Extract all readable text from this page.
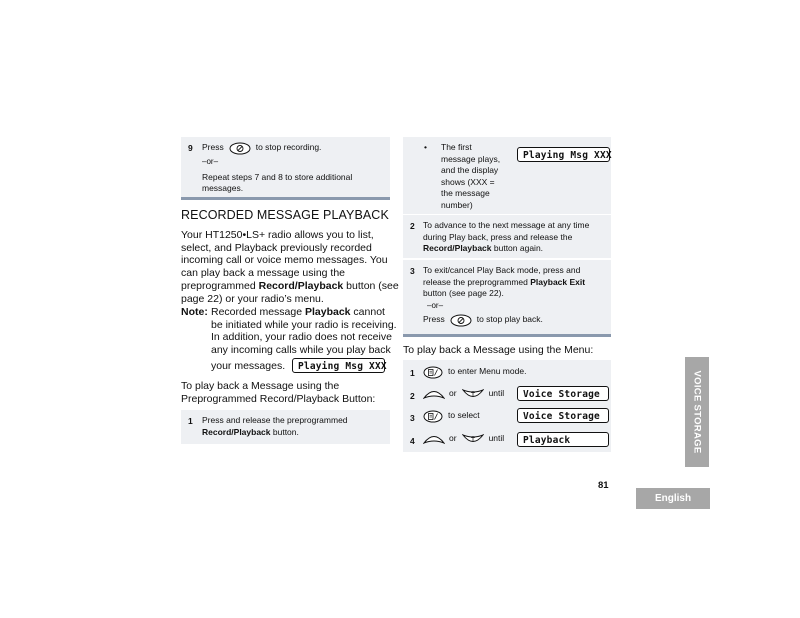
9 Press	to stop recording.
–or–
Repeat steps 7 and 8 to store additional
messages.
RECORDED MESSAGE PLAYBACK
Your HT1250•LS+ radio allows you to list,
select, and Playback previously recorded
incoming call or voice memo messages. You
can play back a message using the
preprogrammed Record/Playback button (see
page 22) or your radio’s menu.
Note: Recorded message Playback cannot
be initiated while your radio is receiving.
In addition, your radio does not receive
any incoming calls while you play back
your messages.	Playing Msg XXX
To play back a Message using the
Preprogrammed Record/Playback Button:
1 Press and release the preprogrammed
Record/Playback button.
• The first
message plays,
and the display
shows (XXX =
the message
number)
Playing Msg XXX
2 To advance to the next message at any time
during Play back, press and release the
Record/Playback button again.
3 To exit/cancel Play Back mode, press and
release the preprogrammed Playback Exit
button (see page 22).
–or–
Press	to stop play back.
To play back a Message using the Menu:
1	to enter Menu mode.
2	or	until	Voice Storage
3	to select	Voice Storage
4	or	until	Playback
81
VOICE STORAGE
English
